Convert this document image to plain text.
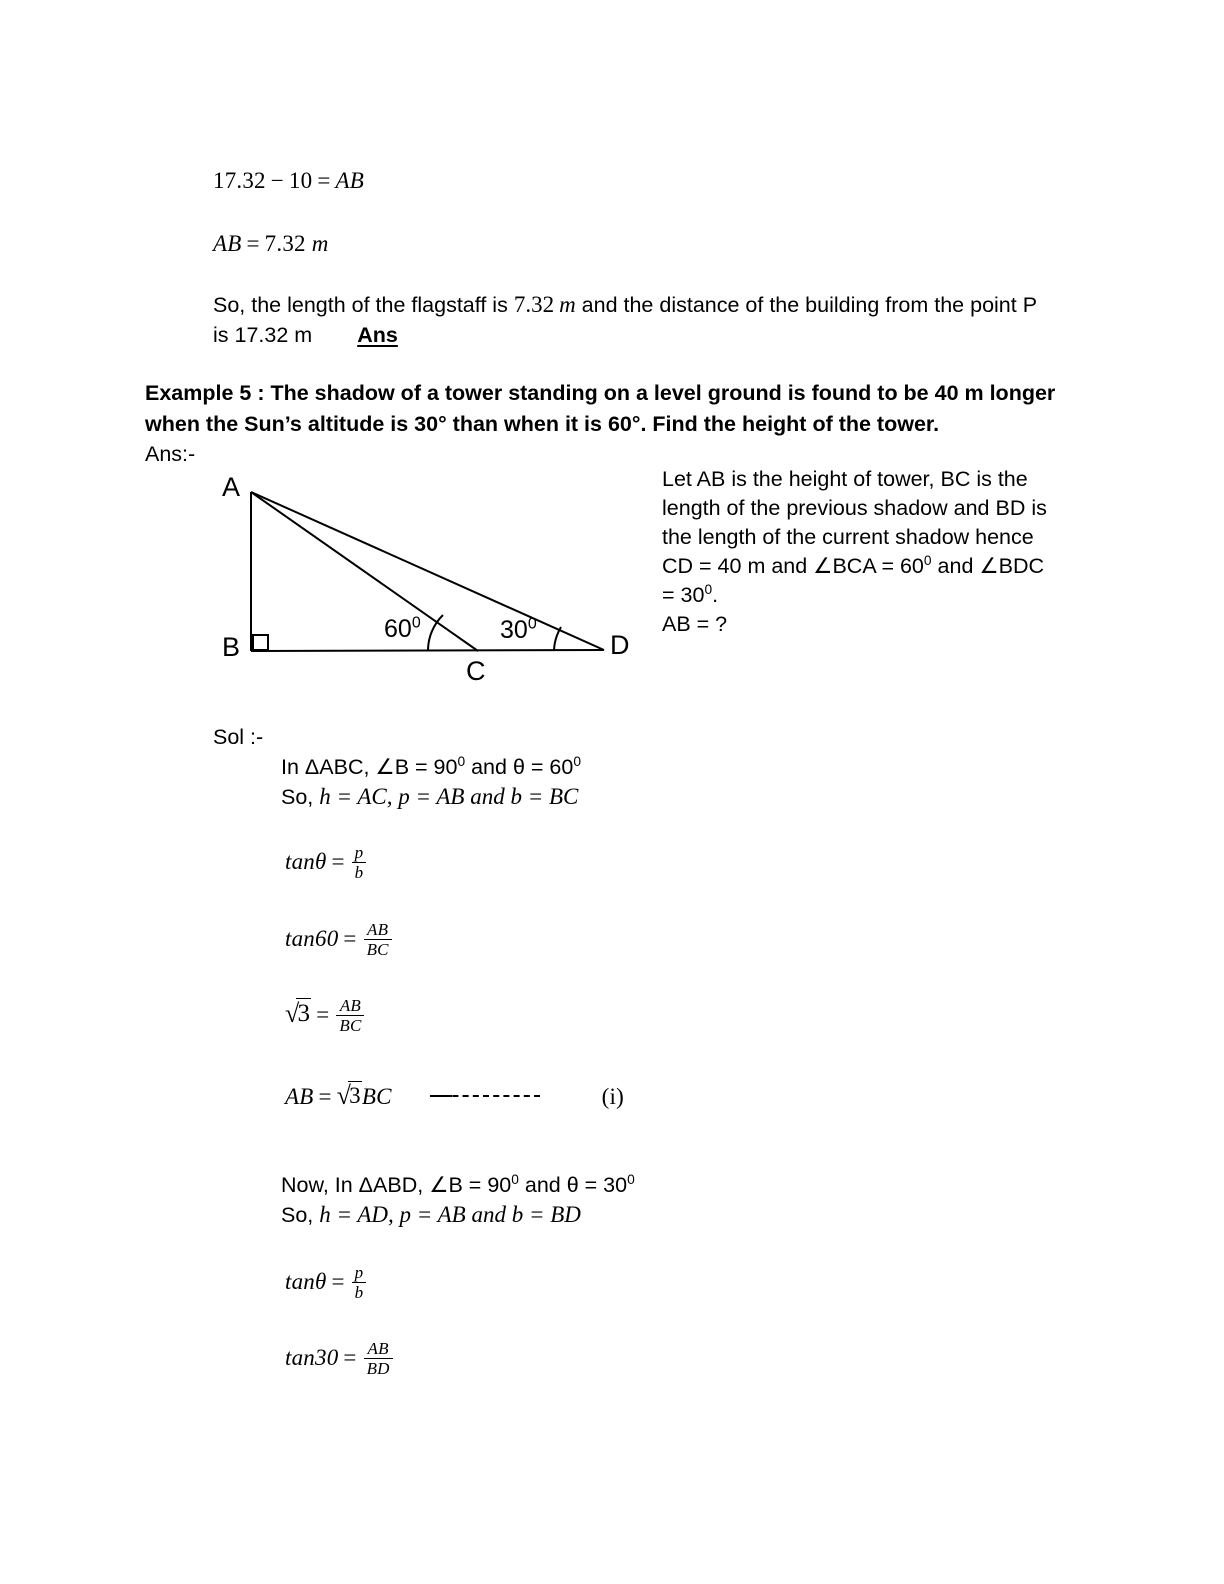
17.32 − 10 = AB
AB = 7.32 m
So, the length of the flagstaff is 7.32 m and the distance of the building from the point P
is 17.32 m Ans
Example 5 : The shadow of a tower standing on a level ground is found to be 40 m longer
when the Sun’s altitude is 30° than when it is 60°. Find the height of the tower.
Ans:-
A
B
C
D
$60^0$	$30^0$
Let AB is the height of tower, BC is the
length of the previous shadow and BD is
the length of the current shadow hence
CD = 40 m and ∠BCA = $60^0$ and ∠BDC
= $30^0$.
AB = ?
Sol :-
In ΔABC, ∠B = $90^0$ and $\theta = 60^0$
So, h = AC, p = AB and b = BC
$\tan\theta = \frac{p}{b}$
$\tan 60 = \frac{AB}{BC}$
$√3 = \frac{AB}{BC}$
AB = √3BC	(i)
Now, In ΔABD, ∠B = $90^0$ and $\theta = 30^0$
So, h = AD, p = AB and b = BD
$\tan\theta = \frac{p}{b}$
$\tan 30 = \frac{AB}{BD}$
